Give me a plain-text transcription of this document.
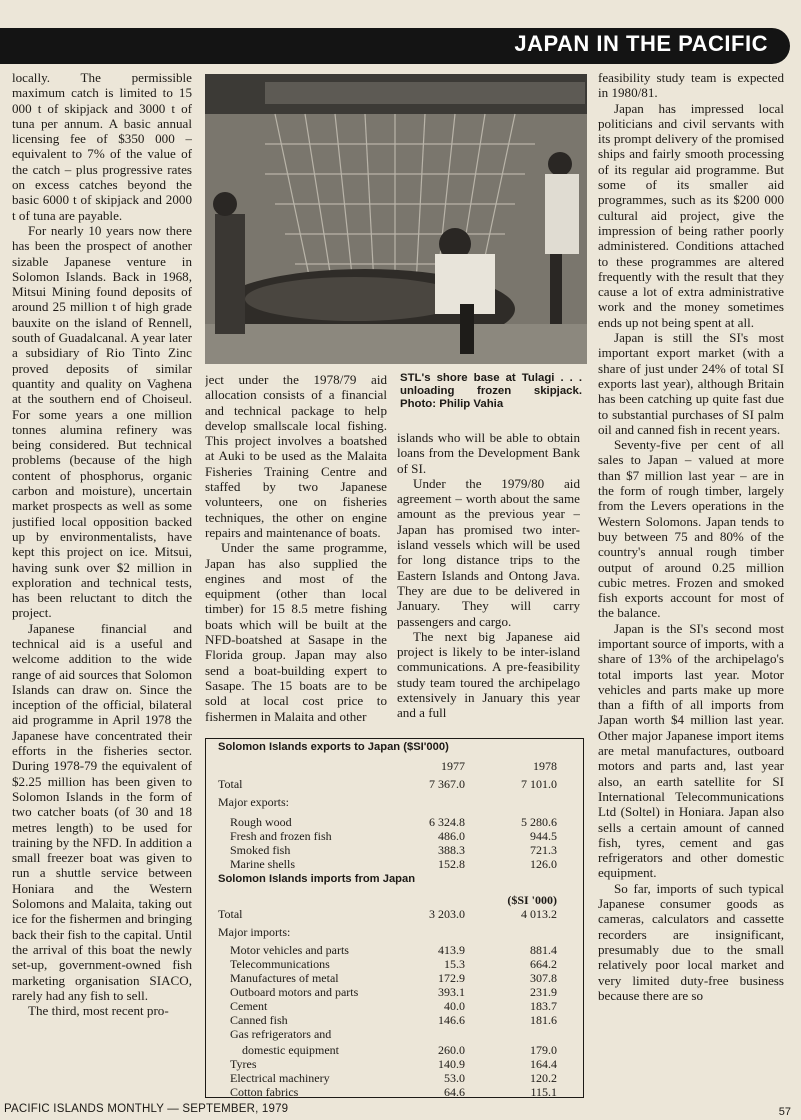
JAPAN IN THE PACIFIC

locally. The permissible maximum catch is limited to 15 000 t of skipjack and 3000 t of tuna per annum. A basic annual licensing fee of $350 000 – equivalent to 7% of the value of the catch – plus progressive rates on excess catches beyond the basic 6000 t of skipjack and 2000 t of tuna are payable.

For nearly 10 years now there has been the prospect of another sizable Japanese venture in Solomon Islands. Back in 1968, Mitsui Mining found deposits of around 25 million t of high grade bauxite on the island of Rennell, south of Guadalcanal. A year later a subsidiary of Rio Tinto Zinc proved deposits of similar quantity and quality on Vaghena at the southern end of Choiseul. For some years a one million tonnes alumina refinery was being considered. But technical problems (because of the high content of phosphorus, organic carbon and moisture), uncertain market prospects as well as some justified local opposition backed up by environmentalists, have kept this project on ice. Mitsui, having sunk over $2 million in exploration and technical tests, has been reluctant to ditch the project.

Japanese financial and technical aid is a useful and welcome addition to the wide range of aid sources that Solomon Islands can draw on. Since the inception of the official, bilateral aid programme in April 1978 the Japanese have concentrated their efforts in the fisheries sector. During 1978-79 the equivalent of $2.25 million has been given to Solomon Islands in the form of two catcher boats (of 30 and 18 metres length) to be used for training by the NFD. In addition a small freezer boat was given to run a shuttle service between Honiara and the Western Solomons and Malaita, taking out ice for the fishermen and bringing back their fish to the capital. Until the arrival of this boat the newly set-up, government-owned fish marketing organisation SIACO, rarely had any fish to sell.

The third, most recent pro-

STL's shore base at Tulagi . . . unloading frozen skipjack. Photo: Philip Vahia

ject under the 1978/79 aid allocation consists of a financial and technical package to help develop smallscale local fishing. This project involves a boatshed at Auki to be used as the Malaita Fisheries Training Centre and staffed by two Japanese volunteers, one on fisheries techniques, the other on engine repairs and maintenance of boats.

Under the same programme, Japan has also supplied the engines and most of the equipment (other than local timber) for 15 8.5 metre fishing boats which will be built at the NFD-boatshed at Sasape in the Florida group. Japan may also send a boat-building expert to Sasape. The 15 boats are to be sold at local cost price to fishermen in Malaita and other

islands who will be able to obtain loans from the Development Bank of SI.

Under the 1979/80 aid agreement – worth about the same amount as the previous year – Japan has promised two inter-island vessels which will be used for long distance trips to the Eastern Islands and Ontong Java. They are due to be delivered in January. They will carry passengers and cargo.

The next big Japanese aid project is likely to be inter-island communications. A pre-feasibility study team toured the archipelago extensively in January this year and a full

feasibility study team is expected in 1980/81.

Japan has impressed local politicians and civil servants with its prompt delivery of the promised ships and fairly smooth processing of its regular aid programme. But some of its smaller aid programmes, such as its $200 000 cultural aid project, give the impression of being rather poorly administered. Conditions attached to these programmes are altered frequently with the result that they cause a lot of extra administrative work and the money sometimes ends up not being spent at all.

Japan is still the SI's most important export market (with a share of just under 24% of total SI exports last year), although Britain has been catching up quite fast due to substantial purchases of SI palm oil and canned fish in recent years.

Seventy-five per cent of all sales to Japan – valued at more than $7 million last year – are in the form of rough timber, largely from the Levers operations in the Western Solomons. Japan tends to buy between 75 and 80% of the country's annual rough timber output of around 0.25 million cubic metres. Frozen and smoked fish exports account for most of the balance.

Japan is the SI's second most important source of imports, with a share of 13% of the archipelago's total imports last year. Motor vehicles and parts make up more than a fifth of all imports from Japan worth $4 million last year. Other major Japanese import items are metal manufactures, outboard motors and parts and, last year also, an earth satellite for SI International Telecommunications Ltd (Soltel) in Honiara. Japan also sells a certain amount of canned fish, tyres, cement and gas refrigerators and other domestic equipment.

So far, imports of such typical Japanese consumer goods as cameras, calculators and cassette recorders are insignificant, presumably due to the small relatively poor local market and very limited duty-free business because there are so

Solomon Islands exports to Japan ($SI'000)
1977	1978
Total	7 367.0	7 101.0
Major exports:
Rough wood	6 324.8	5 280.6
Fresh and frozen fish	486.0	944.5
Smoked fish	388.3	721.3
Marine shells	152.8	126.0
Solomon Islands imports from Japan
($SI '000)
Total	3 203.0	4 013.2
Major imports:
Motor vehicles and parts	413.9	881.4
Telecommunications	15.3	664.2
Manufactures of metal	172.9	307.8
Outboard motors and parts	393.1	231.9
Cement	40.0	183.7
Canned fish	146.6	181.6
Gas refrigerators and
domestic equipment	260.0	179.0
Tyres	140.9	164.4
Electrical machinery	53.0	120.2
Cotton fabrics	64.6	115.1
PACIFIC ISLANDS MONTHLY — SEPTEMBER, 1979	57
